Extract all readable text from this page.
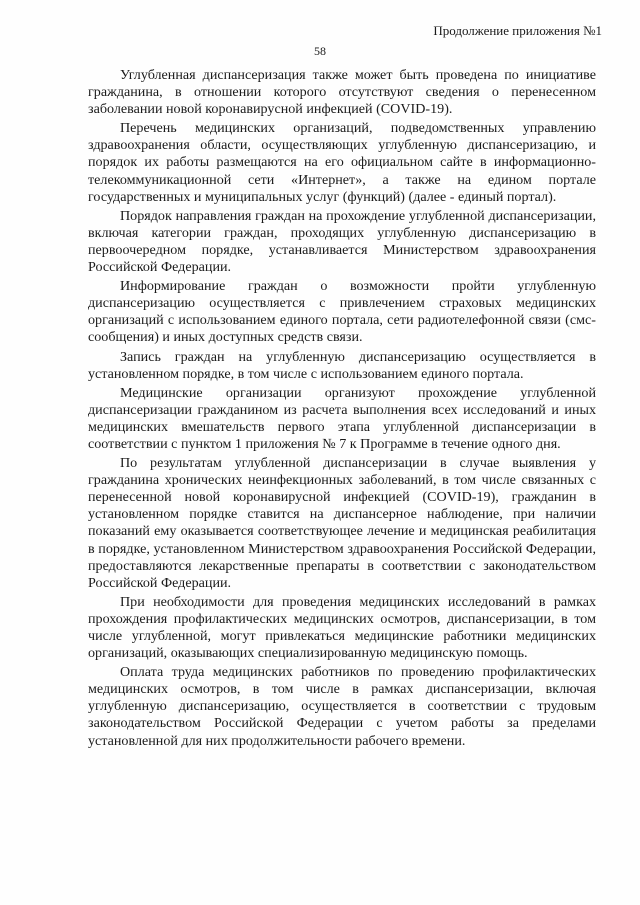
Продолжение приложения №1
58

Углубленная диспансеризация также может быть проведена по инициативе гражданина, в отношении которого отсутствуют сведения о перенесенном заболевании новой коронавирусной инфекцией (COVID-19).

Перечень медицинских организаций, подведомственных управлению здравоохранения области, осуществляющих углубленную диспансеризацию, и порядок их работы размещаются на его официальном сайте в информационно-телекоммуникационной сети «Интернет», а также на едином портале государственных и муниципальных услуг (функций) (далее - единый портал).

Порядок направления граждан на прохождение углубленной диспансеризации, включая категории граждан, проходящих углубленную диспансеризацию в первоочередном порядке, устанавливается Министерством здравоохранения Российской Федерации.

Информирование граждан о возможности пройти углубленную диспансеризацию осуществляется с привлечением страховых медицинских организаций с использованием единого портала, сети радиотелефонной связи (смс-сообщения) и иных доступных средств связи.

Запись граждан на углубленную диспансеризацию осуществляется в установленном порядке, в том числе с использованием единого портала.

Медицинские организации организуют прохождение углубленной диспансеризации гражданином из расчета выполнения всех исследований и иных медицинских вмешательств первого этапа углубленной диспансеризации в соответствии с пунктом 1 приложения № 7 к Программе в течение одного дня.

По результатам углубленной диспансеризации в случае выявления у гражданина хронических неинфекционных заболеваний, в том числе связанных с перенесенной новой коронавирусной инфекцией (COVID-19), гражданин в установленном порядке ставится на диспансерное наблюдение, при наличии показаний ему оказывается соответствующее лечение и медицинская реабилитация в порядке, установленном Министерством здравоохранения Российской Федерации, предоставляются лекарственные препараты в соответствии с законодательством Российской Федерации.

При необходимости для проведения медицинских исследований в рамках прохождения профилактических медицинских осмотров, диспансеризации, в том числе углубленной, могут привлекаться медицинские работники медицинских организаций, оказывающих специализированную медицинскую помощь.

Оплата труда медицинских работников по проведению профилактических медицинских осмотров, в том числе в рамках диспансеризации, включая углубленную диспансеризацию, осуществляется в соответствии с трудовым законодательством Российской Федерации с учетом работы за пределами установленной для них продолжительности рабочего времени.
